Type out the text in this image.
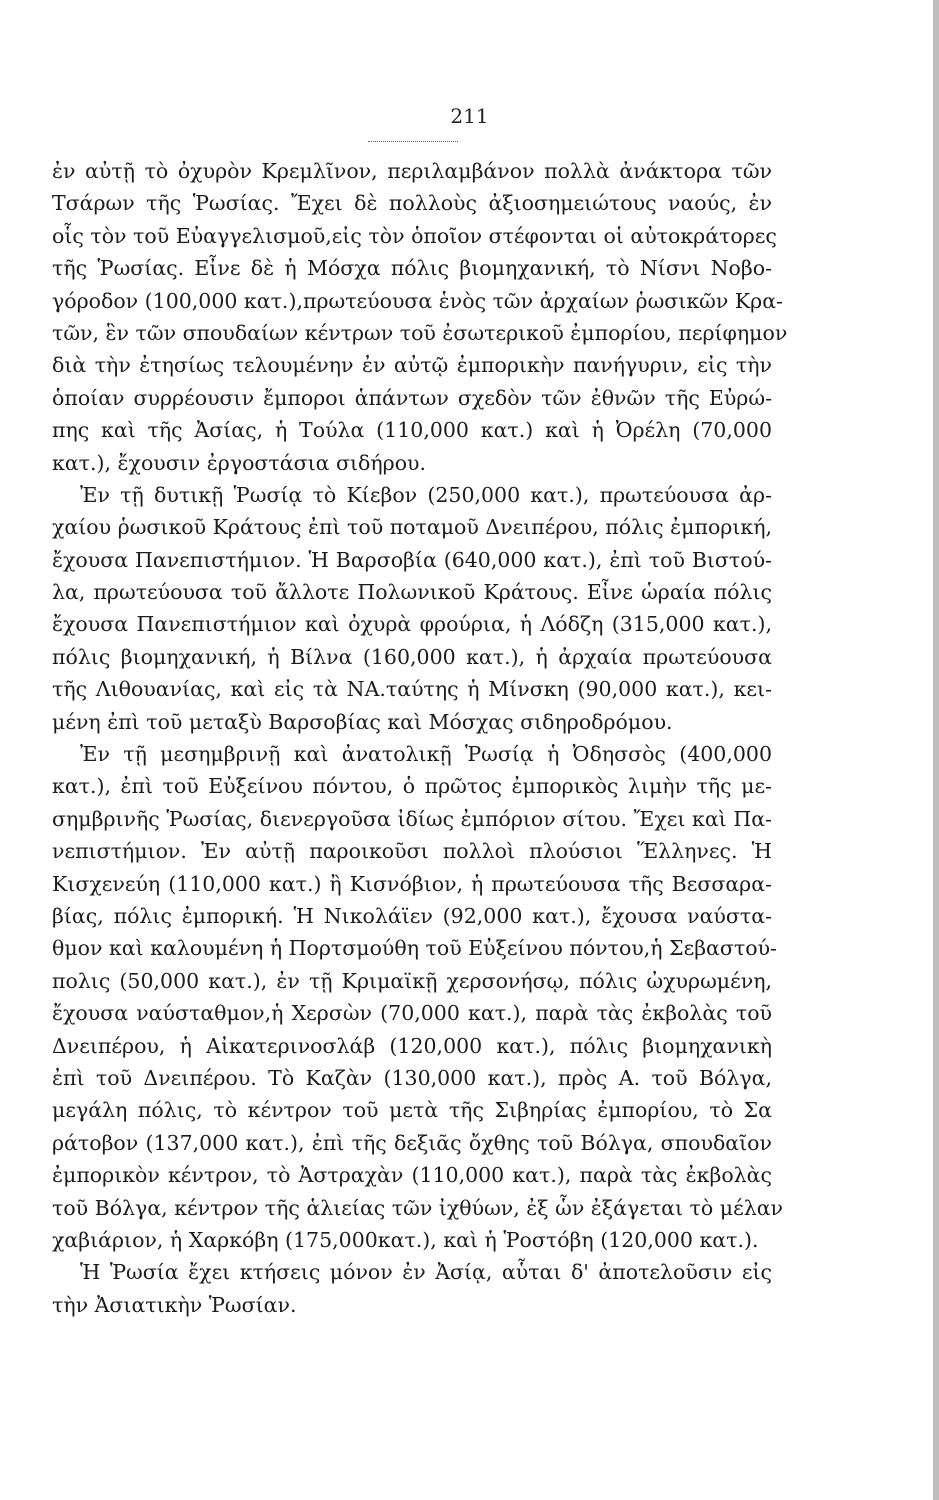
211
ἐν αὐτῇ τὸ ὀχυρὸν Κρεμλῖνον, περιλαμβάνον πολλὰ ἀνάκτορα τῶν
Τσάρων τῆς Ῥωσίας. Ἔχει δὲ πολλοὺς ἀξιοσημειώτους ναούς, ἐν
οἷς τὸν τοῦ Εὐαγγελισμοῦ,εἰς τὸν ὁποῖον στέφονται οἱ αὐτοκράτορες
τῆς Ῥωσίας. Εἶνε δὲ ἡ Μόσχα πόλις βιομηχανική, τὸ Νίσνι Νοβο-
γόροδον (100,000 κατ.),πρωτεύουσα ἑνὸς τῶν ἀρχαίων ῥωσικῶν Κρα-
τῶν, ἓν τῶν σπουδαίων κέντρων τοῦ ἐσωτερικοῦ ἐμπορίου, περίφημον
διὰ τὴν ἐτησίως τελουμένην ἐν αὐτῷ ἐμπορικὴν πανήγυριν, εἰς τὴν
ὁποίαν συρρέουσιν ἔμποροι ἁπάντων σχεδὸν τῶν ἐθνῶν τῆς Εὐρώ-
πης καὶ τῆς Ἀσίας, ἡ Τούλα (110,000 κατ.) καὶ ἡ Ὀρέλη (70,000
κατ.), ἔχουσιν ἐργοστάσια σιδήρου.
Ἐν τῇ δυτικῇ Ῥωσίᾳ τὸ Κίεβον (250,000 κατ.), πρωτεύουσα ἀρ-
χαίου ῥωσικοῦ Κράτους ἐπὶ τοῦ ποταμοῦ Δνειπέρου, πόλις ἐμπορική,
ἔχουσα Πανεπιστήμιον. Ἡ Βαρσοβία (640,000 κατ.), ἐπὶ τοῦ Βιστού-
λα, πρωτεύουσα τοῦ ἄλλοτε Πολωνικοῦ Κράτους. Εἶνε ὡραία πόλις
ἔχουσα Πανεπιστήμιον καὶ ὀχυρὰ φρούρια, ἡ Λόδζη (315,000 κατ.),
πόλις βιομηχανική, ἡ Βίλνα (160,000 κατ.), ἡ ἀρχαία πρωτεύουσα
τῆς Λιθουανίας, καὶ εἰς τὰ ΝΑ.ταύτης ἡ Μίνσκη (90,000 κατ.), κει-
μένη ἐπὶ τοῦ μεταξὺ Βαρσοβίας καὶ Μόσχας σιδηροδρόμου.
Ἐν τῇ μεσημβρινῇ καὶ ἀνατολικῇ Ῥωσίᾳ ἡ Ὀδησσὸς (400,000
κατ.), ἐπὶ τοῦ Εὐξείνου πόντου, ὁ πρῶτος ἐμπορικὸς λιμὴν τῆς με-
σημβρινῆς Ῥωσίας, διενεργοῦσα ἰδίως ἐμπόριον σίτου. Ἔχει καὶ Πα-
νεπιστήμιον. Ἐν αὐτῇ παροικοῦσι πολλοὶ πλούσιοι Ἕλληνες. Ἡ
Κισχενεύη (110,000 κατ.) ἢ Κισνόβιον, ἡ πρωτεύουσα τῆς Βεσσαρα-
βίας, πόλις ἐμπορική. Ἡ Νικολάϊεν (92,000 κατ.), ἔχουσα ναύστα-
θμον καὶ καλουμένη ἡ Πορτσμούθη τοῦ Εὐξείνου πόντου,ἡ Σεβαστού-
πολις (50,000 κατ.), ἐν τῇ Κριμαϊκῇ χερσονήσῳ, πόλις ὠχυρωμένη,
ἔχουσα ναύσταθμον,ἡ Χερσὼν (70,000 κατ.), παρὰ τὰς ἐκβολὰς τοῦ
Δνειπέρου, ἡ Αἰκατερινοσλάβ (120,000 κατ.), πόλις βιομηχανικὴ
ἐπὶ τοῦ Δνειπέρου. Τὸ Καζὰν (130,000 κατ.), πρὸς Α. τοῦ Βόλγα,
μεγάλη πόλις, τὸ κέντρον τοῦ μετὰ τῆς Σιβηρίας ἐμπορίου, τὸ Σα
ράτοβον (137,000 κατ.), ἐπὶ τῆς δεξιᾶς ὄχθης τοῦ Βόλγα, σπουδαῖον
ἐμπορικὸν κέντρον, τὸ Ἀστραχὰν (110,000 κατ.), παρὰ τὰς ἐκβολὰς
τοῦ Βόλγα, κέντρον τῆς ἁλιείας τῶν ἰχθύων, ἐξ ὧν ἐξάγεται τὸ μέλαν
χαβιάριον, ἡ Χαρκόβη (175,000κατ.), καὶ ἡ Ῥοστόβη (120,000 κατ.).
Ἡ Ῥωσία ἔχει κτήσεις μόνον ἐν Ἀσίᾳ, αὗται δ' ἀποτελοῦσιν εἰς
τὴν Ἀσιατικὴν Ῥωσίαν.
